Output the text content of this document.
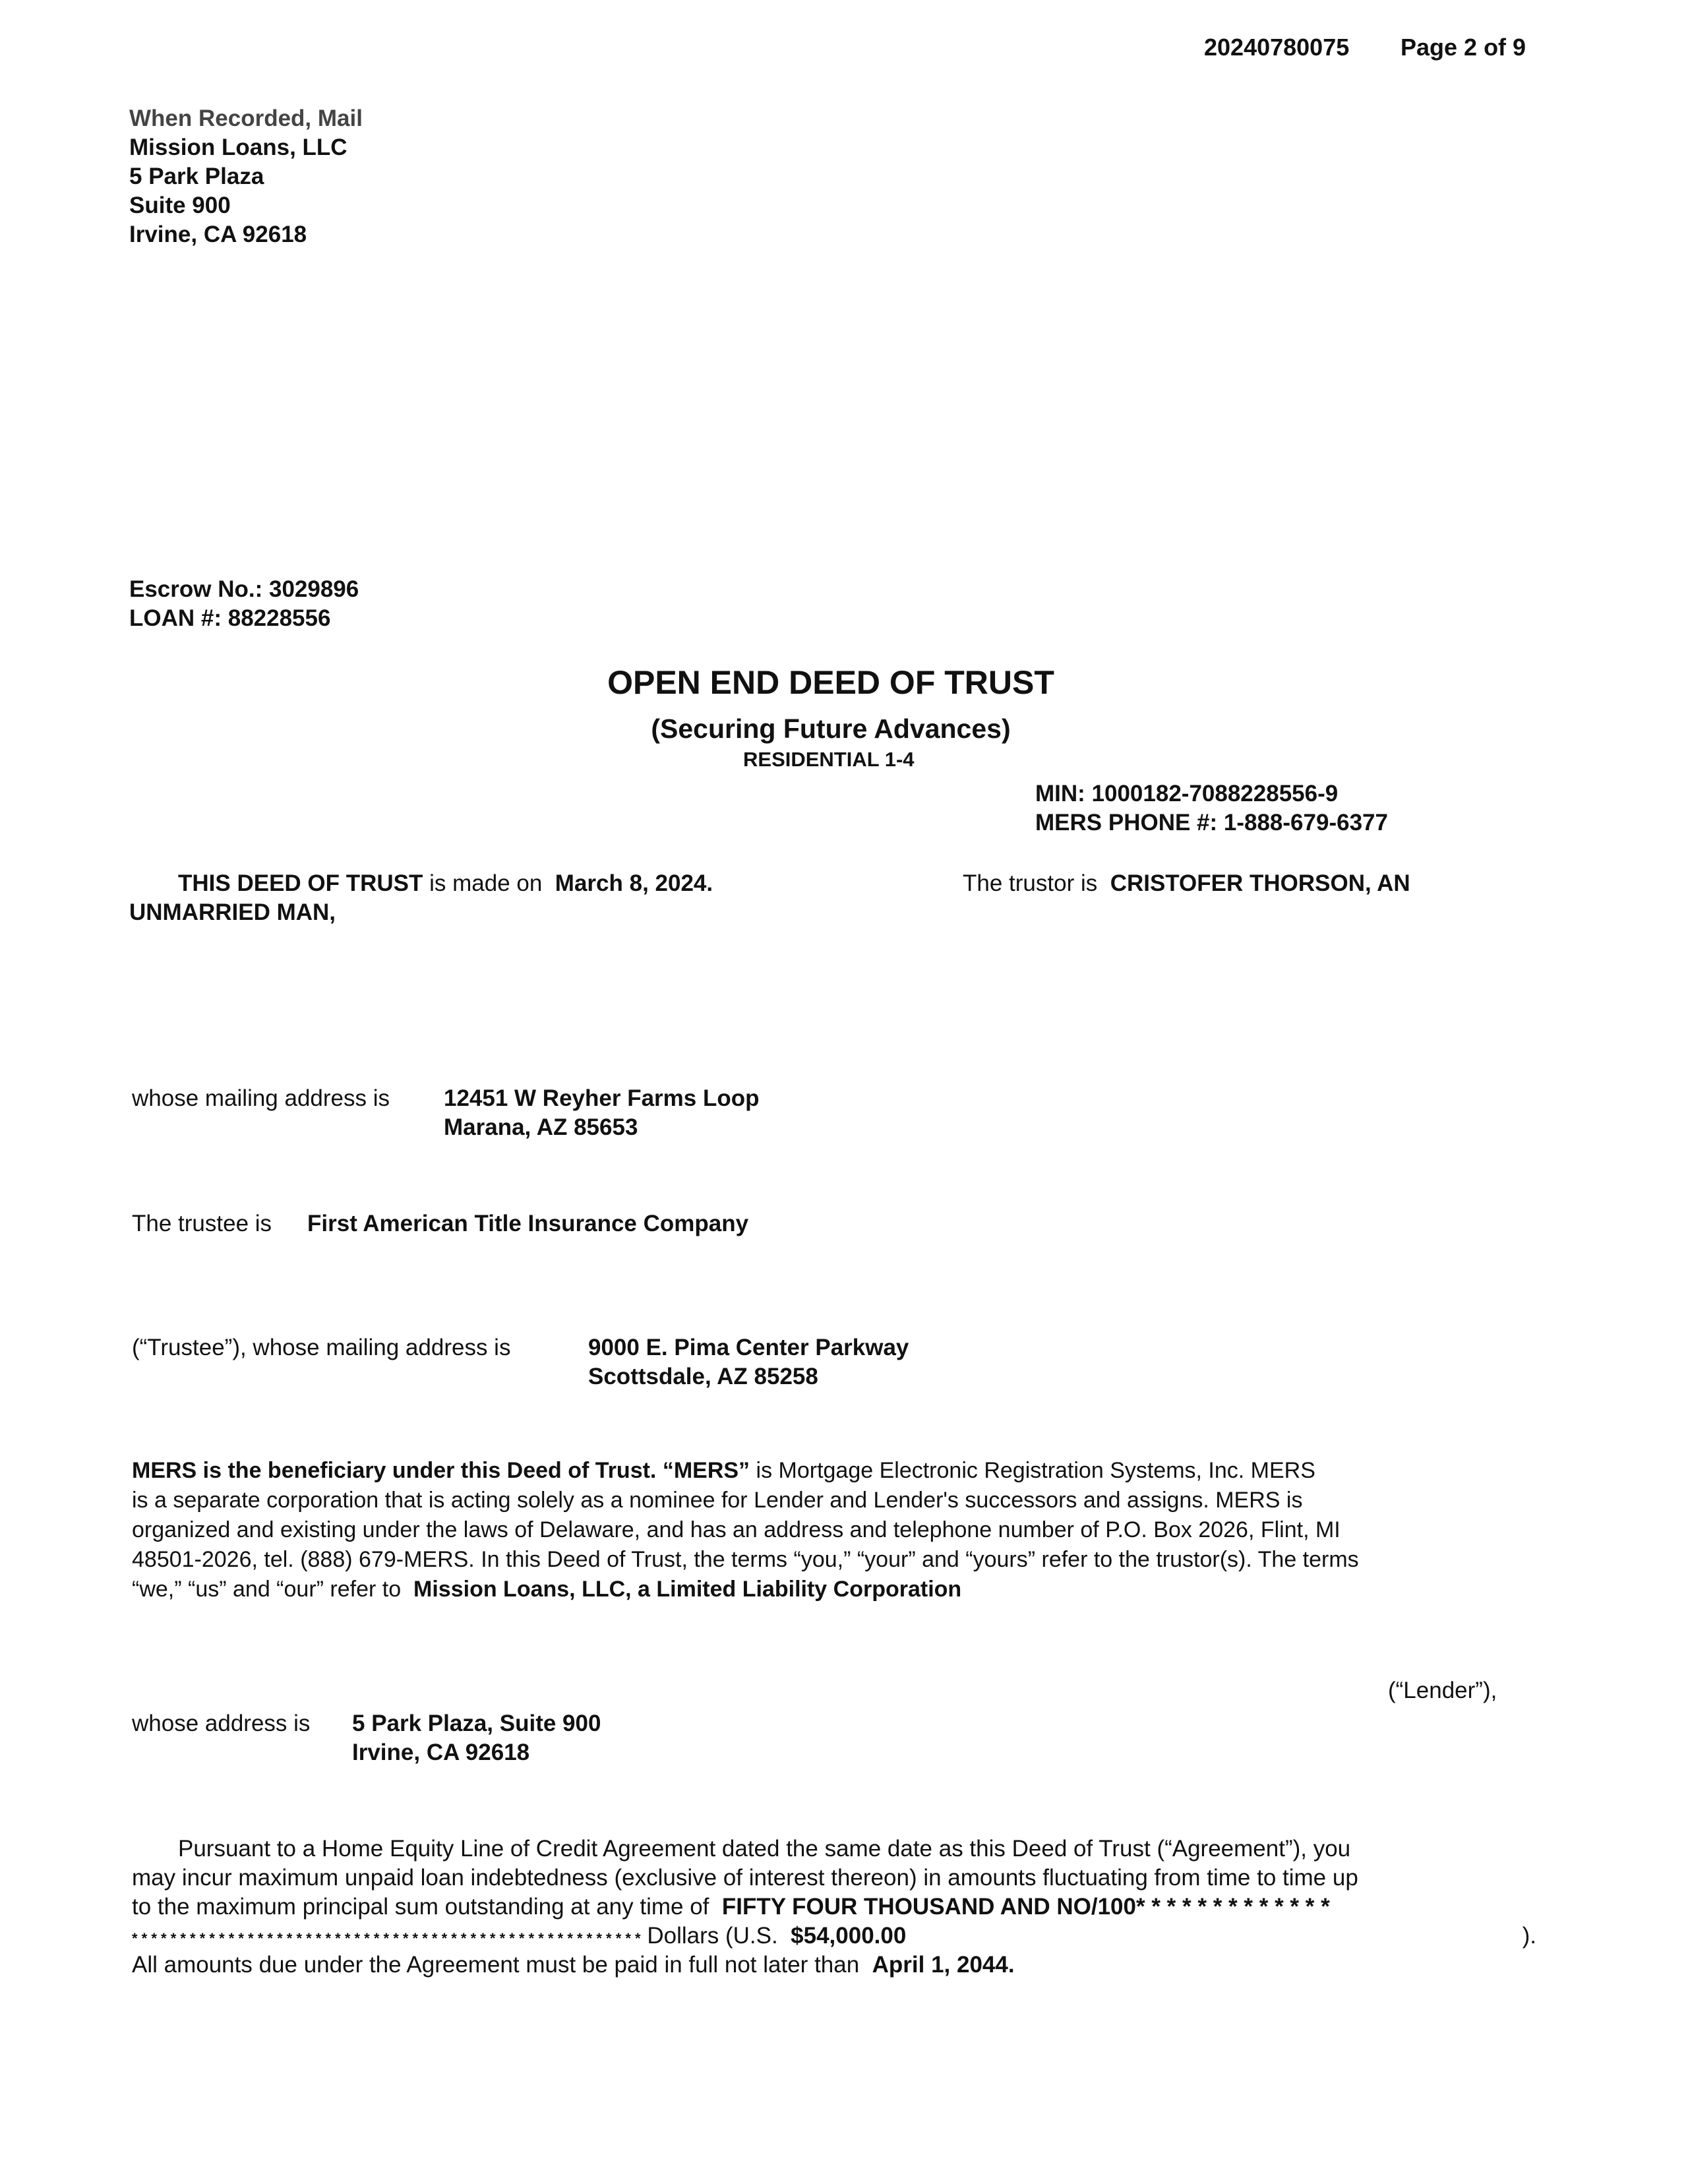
20240780075 Page 2 of 9
When Recorded, Mail
Mission Loans, LLC
5 Park Plaza
Suite 900
Irvine, CA 92618
Escrow No.: 3029896
LOAN #: 88228556
OPEN END DEED OF TRUST
(Securing Future Advances)
RESIDENTIAL 1-4
MIN: 1000182-7088228556-9
MERS PHONE #: 1-888-679-6377
THIS DEED OF TRUST is made on  March 8, 2024.	The trustor is  CRISTOFER THORSON, AN
UNMARRIED MAN,
whose mailing address is 12451 W Reyher Farms Loop
Marana, AZ 85653
The trustee is First American Title Insurance Company
(“Trustee”), whose mailing address is	9000 E. Pima Center Parkway
Scottsdale, AZ 85258
MERS is the beneficiary under this Deed of Trust. “MERS” is Mortgage Electronic Registration Systems, Inc. MERS
is a separate corporation that is acting solely as a nominee for Lender and Lender's successors and assigns. MERS is
organized and existing under the laws of Delaware, and has an address and telephone number of P.O. Box 2026, Flint, MI
48501-2026, tel. (888) 679-MERS. In this Deed of Trust, the terms “you,” “your” and “yours” refer to the trustor(s). The terms
“we,” “us” and “our” refer to Mission Loans, LLC, a Limited Liability Corporation
(“Lender”),
whose address is 5 Park Plaza, Suite 900
Irvine, CA 92618
Pursuant to a Home Equity Line of Credit Agreement dated the same date as this Deed of Trust (“Agreement”), you
may incur maximum unpaid loan indebtedness (exclusive of interest thereon) in amounts fluctuating from time to time up
to the maximum principal sum outstanding at any time of FIFTY FOUR THOUSAND AND NO/100* * * * * * * * * * * * *
* * * * * * * * * * * * * * * * * * * * * * * * * * * * * * * * * * * * * * * * * * * * * * * * * * * * * Dollars (U.S.  $54,000.00	).
All amounts due under the Agreement must be paid in full not later than April 1, 2044.
